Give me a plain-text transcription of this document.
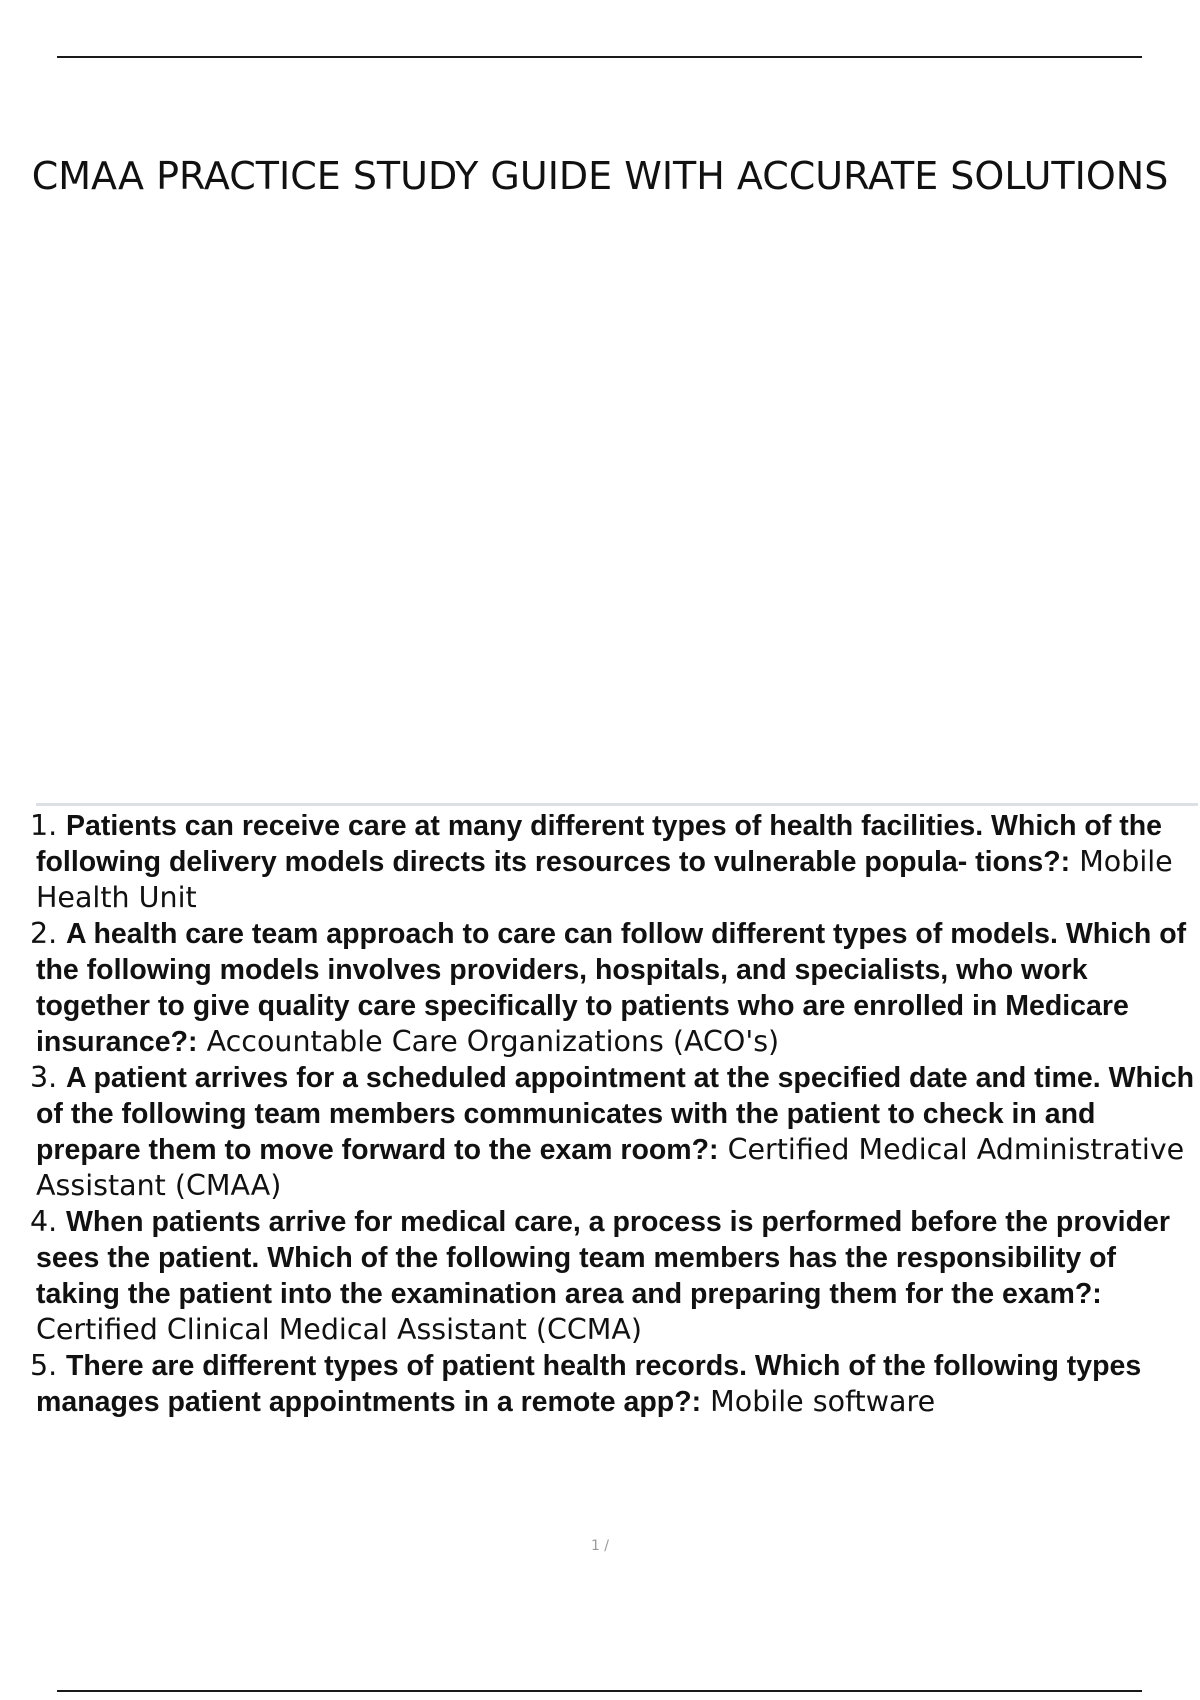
CMAA PRACTICE STUDY GUIDE WITH ACCURATE SOLUTIONS
1. Patients can receive care at many different types of health facilities. Which of the following delivery models directs its resources to vulnerable popula- tions?: Mobile Health Unit
2. A health care team approach to care can follow different types of models. Which of the following models involves providers, hospitals, and specialists, who work together to give quality care specifically to patients who are enrolled in Medicare insurance?: Accountable Care Organizations (ACO's)
3. A patient arrives for a scheduled appointment at the specified date and time. Which of the following team members communicates with the patient to check in and prepare them to move forward to the exam room?: Certified Medical Administrative Assistant (CMAA)
4. When patients arrive for medical care, a process is performed before the provider sees the patient. Which of the following team members has the responsibility of taking the patient into the examination area and preparing them for the exam?: Certified Clinical Medical Assistant (CCMA)
5. There are different types of patient health records. Which of the following types manages patient appointments in a remote app?: Mobile software
1 /
